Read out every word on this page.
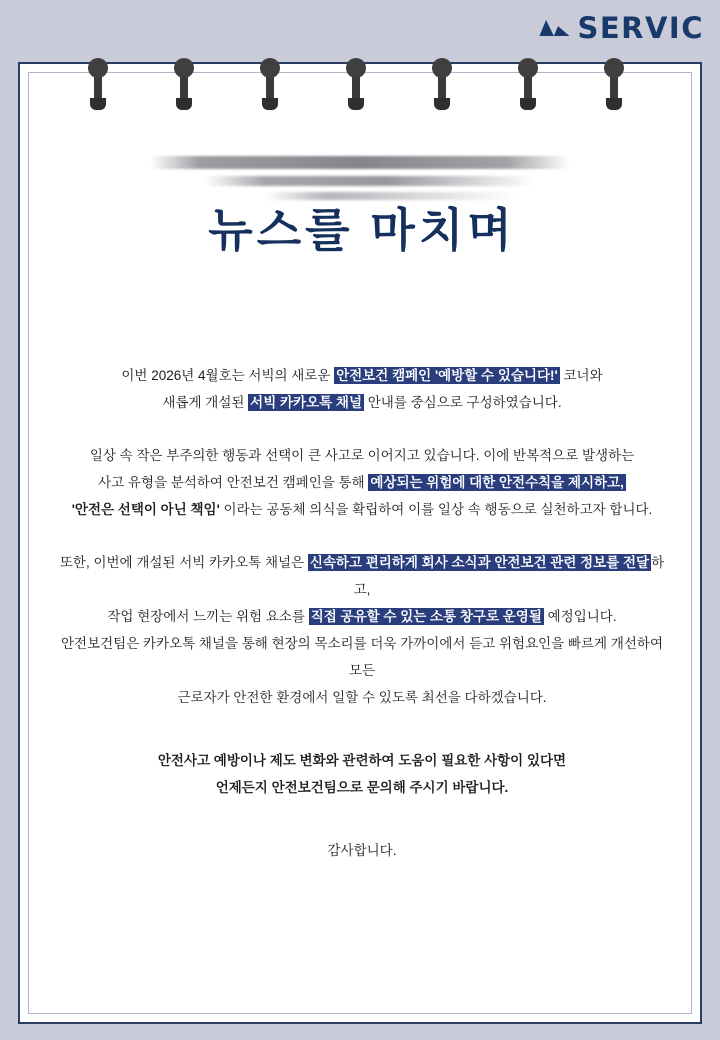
SERVIC
뉴스를 마치며
이번 2026년 4월호는 서빅의 새로운 안전보건 캠페인 '예방할 수 있습니다!' 코너와
새롭게 개설된 서빅 카카오톡 채널 안내를 중심으로 구성하였습니다.
일상 속 작은 부주의한 행동과 선택이 큰 사고로 이어지고 있습니다. 이에 반복적으로 발생하는
사고 유형을 분석하여 안전보건 캠페인을 통해 예상되는 위험에 대한 안전수칙을 제시하고,
'안전은 선택이 아닌 책임' 이라는 공동체 의식을 확립하여 이를 일상 속 행동으로 실천하고자 합니다.
또한, 이번에 개설된 서빅 카카오톡 채널은 신속하고 편리하게 회사 소식과 안전보건 관련 정보를 전달 하고,
작업 현장에서 느끼는 위험 요소를 직접 공유할 수 있는 소통 창구로 운영될 예정입니다.
안전보건팀은 카카오톡 채널을 통해 현장의 목소리를 더욱 가까이에서 듣고 위험요인을 빠르게 개선하여 모든
근로자가 안전한 환경에서 일할 수 있도록 최선을 다하겠습니다.
안전사고 예방이나 제도 변화와 관련하여 도움이 필요한 사항이 있다면
언제든지 안전보건팀으로 문의해 주시기 바랍니다.
감사합니다.
